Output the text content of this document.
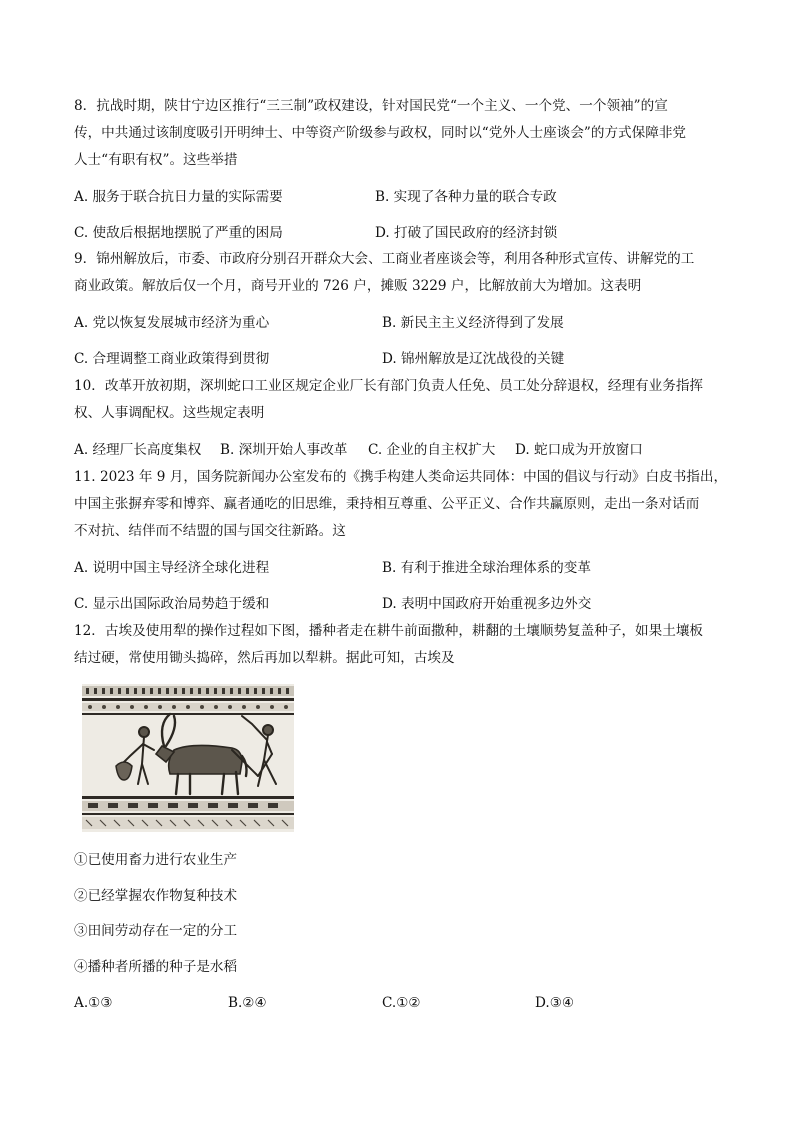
8．抗战时期，陕甘宁边区推行“三三制”政权建设，针对国民党“一个主义、一个党、一个领袖”的宣
传，中共通过该制度吸引开明绅士、中等资产阶级参与政权，同时以“党外人士座谈会”的方式保障非党
人士“有职有权”。这些举措
A. 服务于联合抗日力量的实际需要	B. 实现了各种力量的联合专政
C. 使敌后根据地摆脱了严重的困局	D. 打破了国民政府的经济封锁
9．锦州解放后，市委、市政府分别召开群众大会、工商业者座谈会等，利用各种形式宣传、讲解党的工
商业政策。解放后仅一个月，商号开业的 726 户，摊贩 3229 户，比解放前大为增加。这表明
A. 党以恢复发展城市经济为重心	B. 新民主主义经济得到了发展
C. 合理调整工商业政策得到贯彻	D. 锦州解放是辽沈战役的关键
10．改革开放初期，深圳蛇口工业区规定企业厂长有部门负责人任免、员工处分辞退权，经理有业务指挥
权、人事调配权。这些规定表明
A. 经理厂长高度集权 B. 深圳开始人事改革 C. 企业的自主权扩大 D. 蛇口成为开放窗口
11. 2023 年 9 月，国务院新闻办公室发布的《携手构建人类命运共同体：中国的倡议与行动》白皮书指出，
中国主张摒弃零和博弈、赢者通吃的旧思维，秉持相互尊重、公平正义、合作共赢原则，走出一条对话而
不对抗、结伴而不结盟的国与国交往新路。这
A. 说明中国主导经济全球化进程	B. 有利于推进全球治理体系的变革
C. 显示出国际政治局势趋于缓和	D. 表明中国政府开始重视多边外交
12．古埃及使用犁的操作过程如下图，播种者走在耕牛前面撒种，耕翻的土壤顺势复盖种子，如果土壤板
结过硬，常使用锄头捣碎，然后再加以犁耕。据此可知，古埃及
①已使用畜力进行农业生产
②已经掌握农作物复种技术
③田间劳动存在一定的分工
④播种者所播的种子是水稻
A.①③	B.②④	C.①②	D.③④
